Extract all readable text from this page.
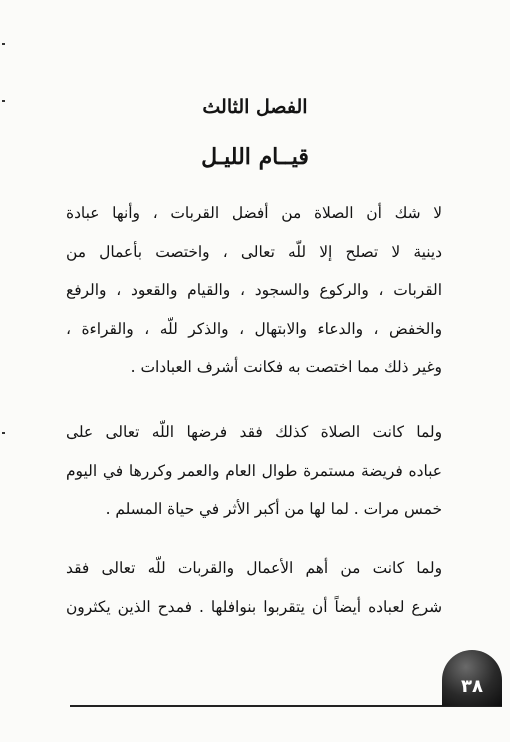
الفصل الثالث
قيــام الليـل
لا شك أن الصلاة من أفضل القربات ، وأنها عبادة
دينية لا تصلح إلا للّه تعالى ، واختصت بأعمال من
القربات ، والركوع والسجود ، والقيام والقعود ، والرفع
والخفض ، والدعاء والابتهال ، والذكر للّه ، والقراءة ،
وغير ذلك مما اختصت به فكانت أشرف العبادات .
ولما كانت الصلاة كذلك فقد فرضها اللّه تعالى على
عباده فريضة مستمرة طوال العام والعمر وكررها في اليوم
خمس مرات . لما لها من أكبر الأثر في حياة المسلم .
ولما كانت من أهم الأعمال والقربات للّه تعالى فقد
شرع لعباده أيضاً أن يتقربوا بنوافلها . فمدح الذين يكثرون
٣٨
